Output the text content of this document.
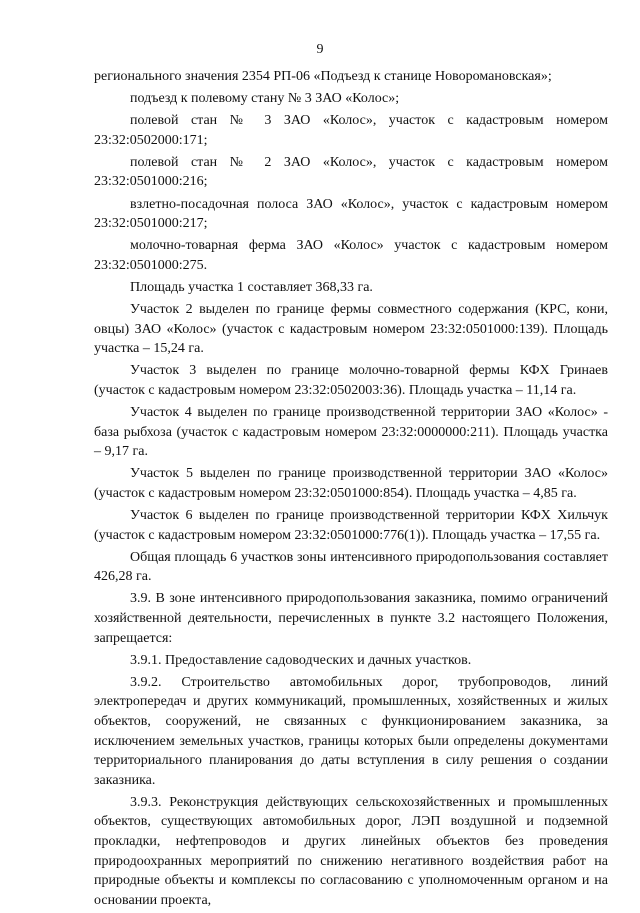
9

регионального значения 2354 РП-06 «Подъезд к станице Новоромановская»;

подъезд к полевому стану № 3 ЗАО «Колос»;

полевой стан № 3 ЗАО «Колос», участок с кадастровым номером 23:32:0502000:171;

полевой стан № 2 ЗАО «Колос», участок с кадастровым номером 23:32:0501000:216;

взлетно-посадочная полоса ЗАО «Колос», участок с кадастровым номером 23:32:0501000:217;

молочно-товарная ферма ЗАО «Колос» участок с кадастровым номером 23:32:0501000:275.

Площадь участка 1 составляет 368,33 га.

Участок 2 выделен по границе фермы совместного содержания (КРС, кони, овцы) ЗАО «Колос» (участок с кадастровым номером 23:32:0501000:139). Площадь участка – 15,24 га.

Участок 3 выделен по границе молочно-товарной фермы КФХ Гринаев (участок с кадастровым номером 23:32:0502003:36). Площадь участка – 11,14 га.

Участок 4 выделен по границе производственной территории ЗАО «Колос» - база рыбхоза (участок с кадастровым номером 23:32:0000000:211). Площадь участка – 9,17 га.

Участок 5 выделен по границе производственной территории ЗАО «Колос» (участок с кадастровым номером 23:32:0501000:854). Площадь участка – 4,85 га.

Участок 6 выделен по границе производственной территории КФХ Хильчук (участок с кадастровым номером 23:32:0501000:776(1)). Площадь участка – 17,55 га.

Общая площадь 6 участков зоны интенсивного природопользования составляет 426,28 га.

3.9. В зоне интенсивного природопользования заказника, помимо ограничений хозяйственной деятельности, перечисленных в пункте 3.2 настоящего Положения, запрещается:

3.9.1. Предоставление садоводческих и дачных участков.

3.9.2. Строительство автомобильных дорог, трубопроводов, линий электропередач и других коммуникаций, промышленных, хозяйственных и жилых объектов, сооружений, не связанных с функционированием заказника, за исключением земельных участков, границы которых были определены документами территориального планирования до даты вступления в силу решения о создании заказника.

3.9.3. Реконструкция действующих сельскохозяйственных и промышленных объектов, существующих автомобильных дорог, ЛЭП воздушной и подземной прокладки, нефтепроводов и других линейных объектов без проведения природоохранных мероприятий по снижению негативного воздействия работ на природные объекты и комплексы по согласованию с уполномоченным органом и на основании проекта,
